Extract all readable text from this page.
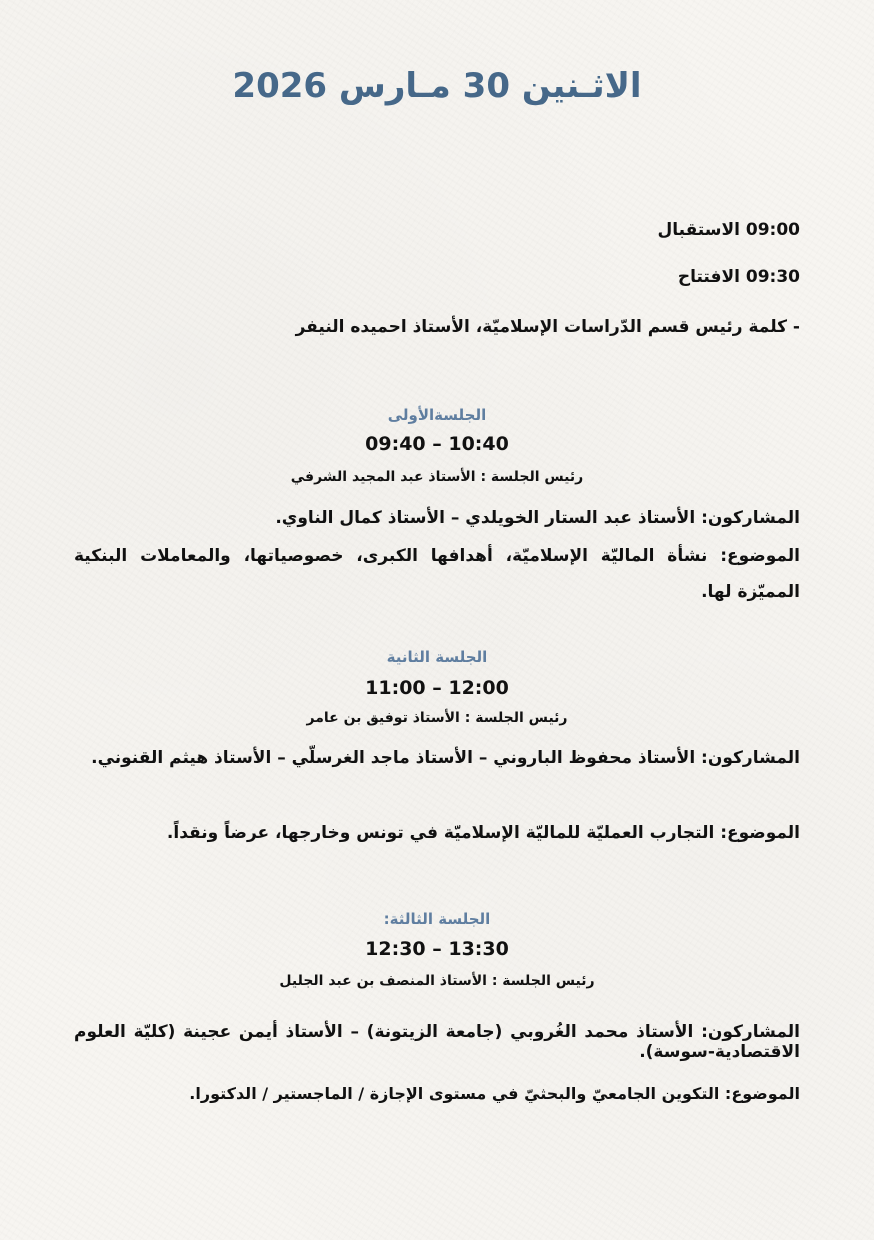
الاثـنين 30 مـارس 2026
09:00 الاستقبال
09:30 الافتتاح
- كلمة رئيس قسم الدّراسات الإسلاميّة، الأستاذ احميده النيفر
الجلسةالأولى
09:40 – 10:40
رئيس الجلسة : الأستاذ عبد المجيد الشرفي
المشاركون: الأستاذ عبد الستار الخويلدي – الأستاذ كمال الناوي.
الموضوع: نشأة الماليّة الإسلاميّة، أهدافها الكبرى، خصوصياتها، والمعاملات البنكية المميّزة لها.
الجلسة الثانية
11:00 – 12:00
رئيس الجلسة : الأستاذ توفيق بن عامر
المشاركون: الأستاذ محفوظ الباروني – الأستاذ ماجد الغرسلّي – الأستاذ هيثم القنوني.
الموضوع: التجارب العمليّة للماليّة الإسلاميّة في تونس وخارجها، عرضاً ونقداً.
الجلسة الثالثة:
12:30 – 13:30
رئيس الجلسة : الأستاذ المنصف بن عبد الجليل
المشاركون: الأستاذ محمد الغُروبي (جامعة الزيتونة) – الأستاذ أيمن عجينة (كليّة العلوم الاقتصادية-سوسة).
الموضوع: التكوين الجامعيّ والبحثيّ في مستوى الإجازة / الماجستير / الدكتورا.
